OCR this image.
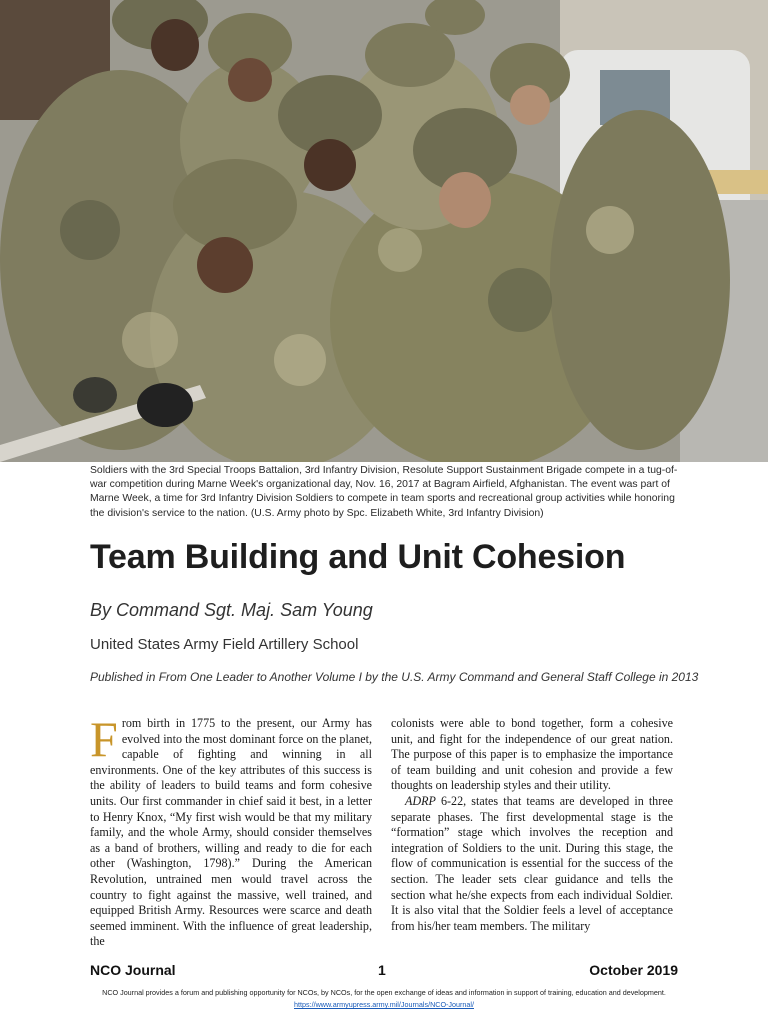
Soldiers with the 3rd Special Troops Battalion, 3rd Infantry Division, Resolute Support Sustainment Brigade compete in a tug-of-war competition during Marne Week's organizational day, Nov. 16, 2017 at Bagram Airfield, Afghanistan. The event was part of Marne Week, a time for 3rd Infantry Division Soldiers to compete in team sports and recreational group activities while honoring the division's service to the nation. (U.S. Army photo by Spc. Elizabeth White, 3rd Infantry Division)
Team Building and Unit Cohesion

By Command Sgt. Maj. Sam Young

United States Army Field Artillery School

Published in From One Leader to Another Volume I by the U.S. Army Command and General Staff College in 2013

From birth in 1775 to the present, our Army has evolved into the most dominant force on the planet, capable of fighting and winning in all environments. One of the key attributes of this success is the ability of leaders to build teams and form cohesive units. Our first commander in chief said it best, in a letter to Henry Knox, “My first wish would be that my military family, and the whole Army, should consider themselves as a band of brothers, willing and ready to die for each other (Washington, 1798).” During the American Revolution, untrained men would travel across the country to fight against the massive, well trained, and equipped British Army. Resources were scarce and death seemed imminent. With the influence of great leadership, the

colonists were able to bond together, form a cohesive unit, and fight for the independence of our great nation. The purpose of this paper is to emphasize the importance of team building and unit cohesion and provide a few thoughts on leadership styles and their utility.

ADRP 6-22, states that teams are developed in three separate phases. The first developmental stage is the “formation” stage which involves the reception and integration of Soldiers to the unit. During this stage, the flow of communication is essential for the success of the section. The leader sets clear guidance and tells the section what he/she expects from each individual Soldier. It is also vital that the Soldier feels a level of acceptance from his/her team members. The military

NCO Journal	1	October 2019
NCO Journal provides a forum and publishing opportunity for NCOs, by NCOs, for the open exchange of ideas and information in support of training, education and development.
https://www.armyupress.army.mil/Journals/NCO-Journal/
